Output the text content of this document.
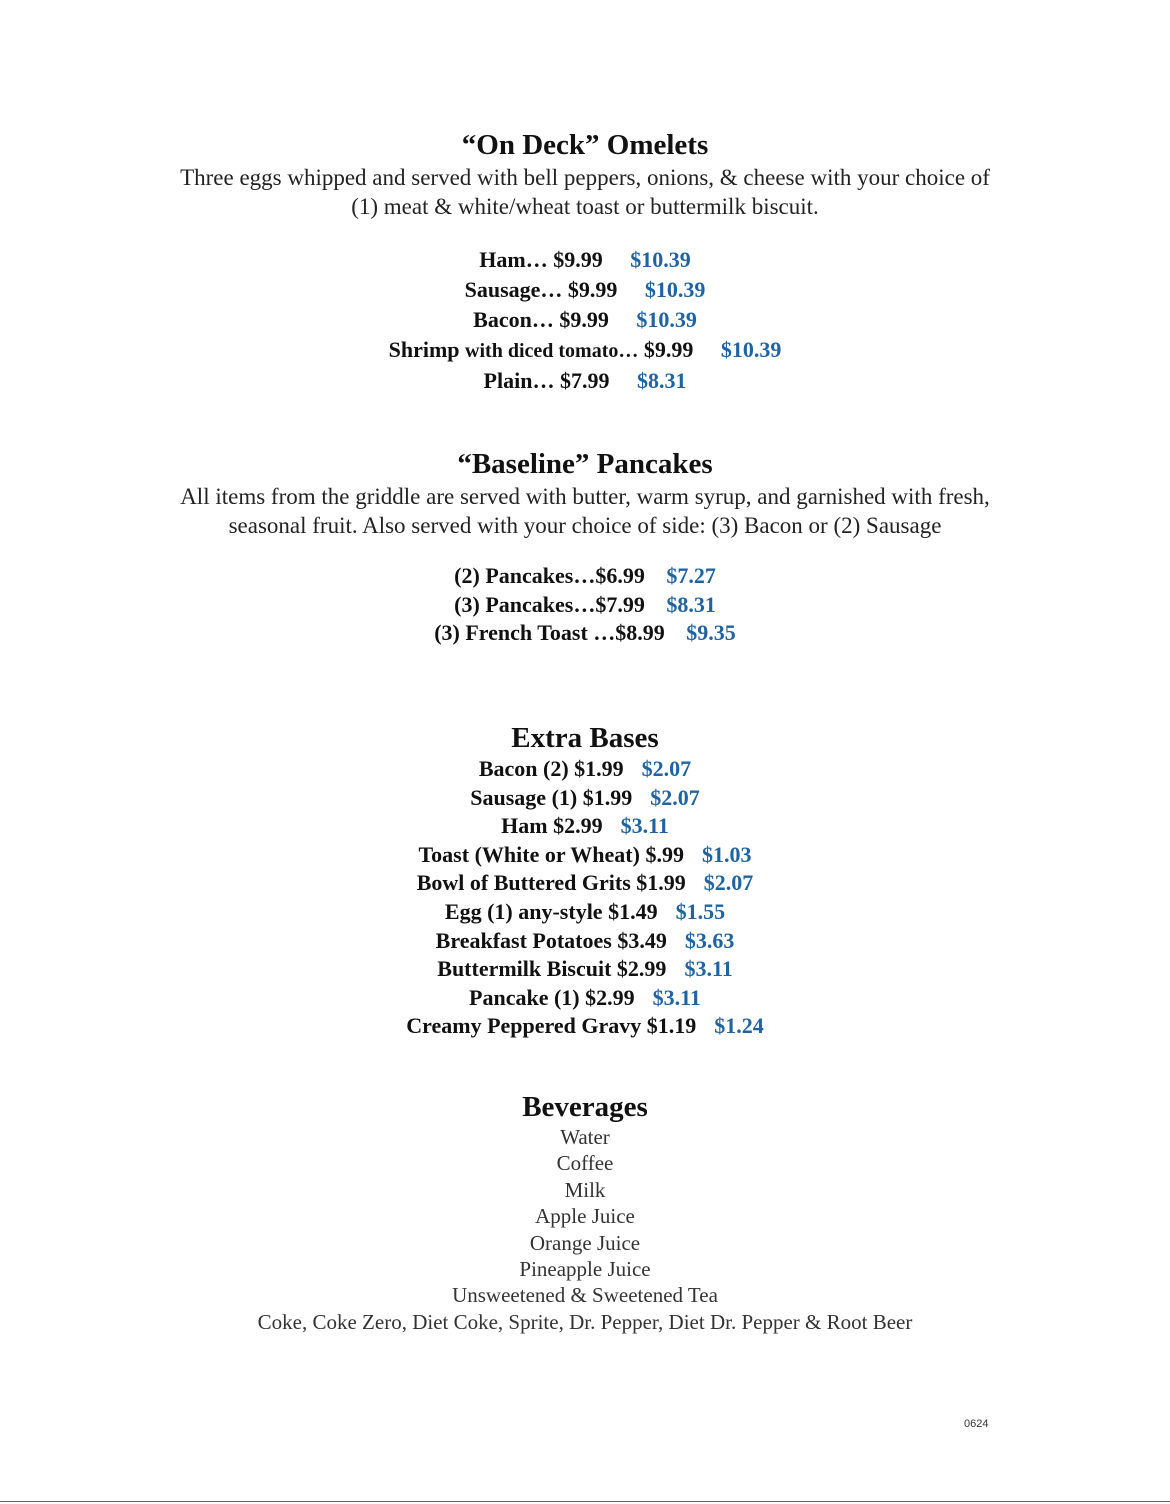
“On Deck” Omelets
Three eggs whipped and served with bell peppers, onions, & cheese with your choice of
(1) meat & white/wheat toast or buttermilk biscuit.
Ham… $9.99 $10.39
Sausage… $9.99 $10.39
Bacon… $9.99 $10.39
Shrimp with diced tomato… $9.99 $10.39
Plain… $7.99 $8.31
“Baseline” Pancakes
All items from the griddle are served with butter, warm syrup, and garnished with fresh,
seasonal fruit. Also served with your choice of side: (3) Bacon or (2) Sausage
(2) Pancakes…$6.99 $7.27
(3) Pancakes…$7.99 $8.31
(3) French Toast …$8.99 $9.35
Extra Bases
Bacon (2) $1.99 $2.07
Sausage (1) $1.99 $2.07
Ham $2.99 $3.11
Toast (White or Wheat) $.99 $1.03
Bowl of Buttered Grits $1.99 $2.07
Egg (1) any-style $1.49 $1.55
Breakfast Potatoes $3.49 $3.63
Buttermilk Biscuit $2.99 $3.11
Pancake (1) $2.99 $3.11
Creamy Peppered Gravy $1.19 $1.24
Beverages
Water
Coffee
Milk
Apple Juice
Orange Juice
Pineapple Juice
Unsweetened & Sweetened Tea
Coke, Coke Zero, Diet Coke, Sprite, Dr. Pepper, Diet Dr. Pepper & Root Beer
0624
